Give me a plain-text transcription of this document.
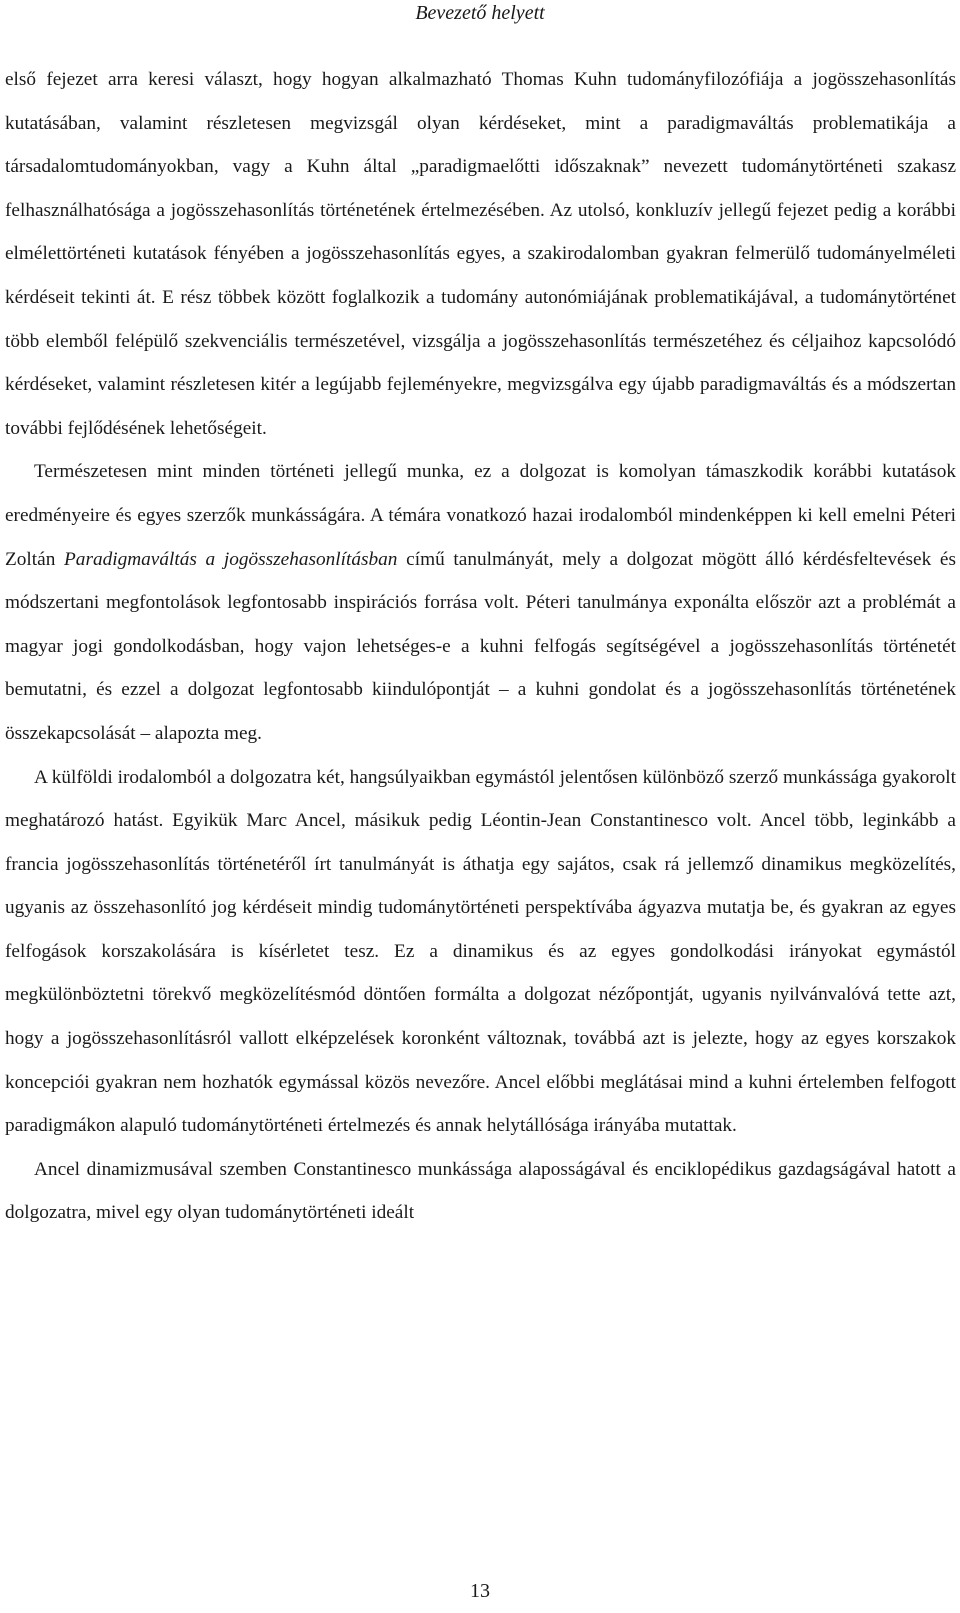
Bevezető helyett

első fejezet arra keresi választ, hogy hogyan alkalmazható Thomas Kuhn tudományfilozófiája a jogösszehasonlítás kutatásában, valamint részletesen megvizsgál olyan kérdéseket, mint a paradigmaváltás problematikája a társadalomtudományokban, vagy a Kuhn által „paradigmaelőtti időszaknak” nevezett tudománytörténeti szakasz felhasználhatósága a jogösszehasonlítás történetének értelmezésében. Az utolsó, konkluzív jellegű fejezet pedig a korábbi elmélettörténeti kutatások fényében a jogösszehasonlítás egyes, a szakirodalomban gyakran felmerülő tudományelméleti kérdéseit tekinti át. E rész többek között foglalkozik a tudomány autonómiájának problematikájával, a tudománytörténet több elemből felépülő szekvenciális természetével, vizsgálja a jogösszehasonlítás természetéhez és céljaihoz kapcsolódó kérdéseket, valamint részletesen kitér a legújabb fejleményekre, megvizsgálva egy újabb paradigmaváltás és a módszertan további fejlődésének lehetőségeit.

Természetesen mint minden történeti jellegű munka, ez a dolgozat is komolyan támaszkodik korábbi kutatások eredményeire és egyes szerzők munkásságára. A témára vonatkozó hazai irodalomból mindenképpen ki kell emelni Péteri Zoltán Paradigmaváltás a jogösszehasonlításban című tanulmányát, mely a dolgozat mögött álló kérdésfeltevések és módszertani megfontolások legfontosabb inspirációs forrása volt. Péteri tanulmánya exponálta először azt a problémát a magyar jogi gondolkodásban, hogy vajon lehetséges-e a kuhni felfogás segítségével a jogösszehasonlítás történetét bemutatni, és ezzel a dolgozat legfontosabb kiindulópontját – a kuhni gondolat és a jogösszehasonlítás történetének összekapcsolását – alapozta meg.

A külföldi irodalomból a dolgozatra két, hangsúlyaikban egymástól jelentősen különböző szerző munkássága gyakorolt meghatározó hatást. Egyikük Marc Ancel, másikuk pedig Léontin-Jean Constantinesco volt. Ancel több, leginkább a francia jogösszehasonlítás történetéről írt tanulmányát is áthatja egy sajátos, csak rá jellemző dinamikus megközelítés, ugyanis az összehasonlító jog kérdéseit mindig tudománytörténeti perspektívába ágyazva mutatja be, és gyakran az egyes felfogások korszakolására is kísérletet tesz. Ez a dinamikus és az egyes gondolkodási irányokat egymástól megkülönböztetni törekvő megközelítésmód döntően formálta a dolgozat nézőpontját, ugyanis nyilvánvalóvá tette azt, hogy a jogösszehasonlításról vallott elképzelések koronként változnak, továbbá azt is jelezte, hogy az egyes korszakok koncepciói gyakran nem hozhatók egymással közös nevezőre. Ancel előbbi meglátásai mind a kuhni értelemben felfogott paradigmákon alapuló tudománytörténeti értelmezés és annak helytállósága irányába mutattak.

Ancel dinamizmusával szemben Constantinesco munkássága alaposságával és enciklopédikus gazdagságával hatott a dolgozatra, mivel egy olyan tudománytörténeti ideált

13
